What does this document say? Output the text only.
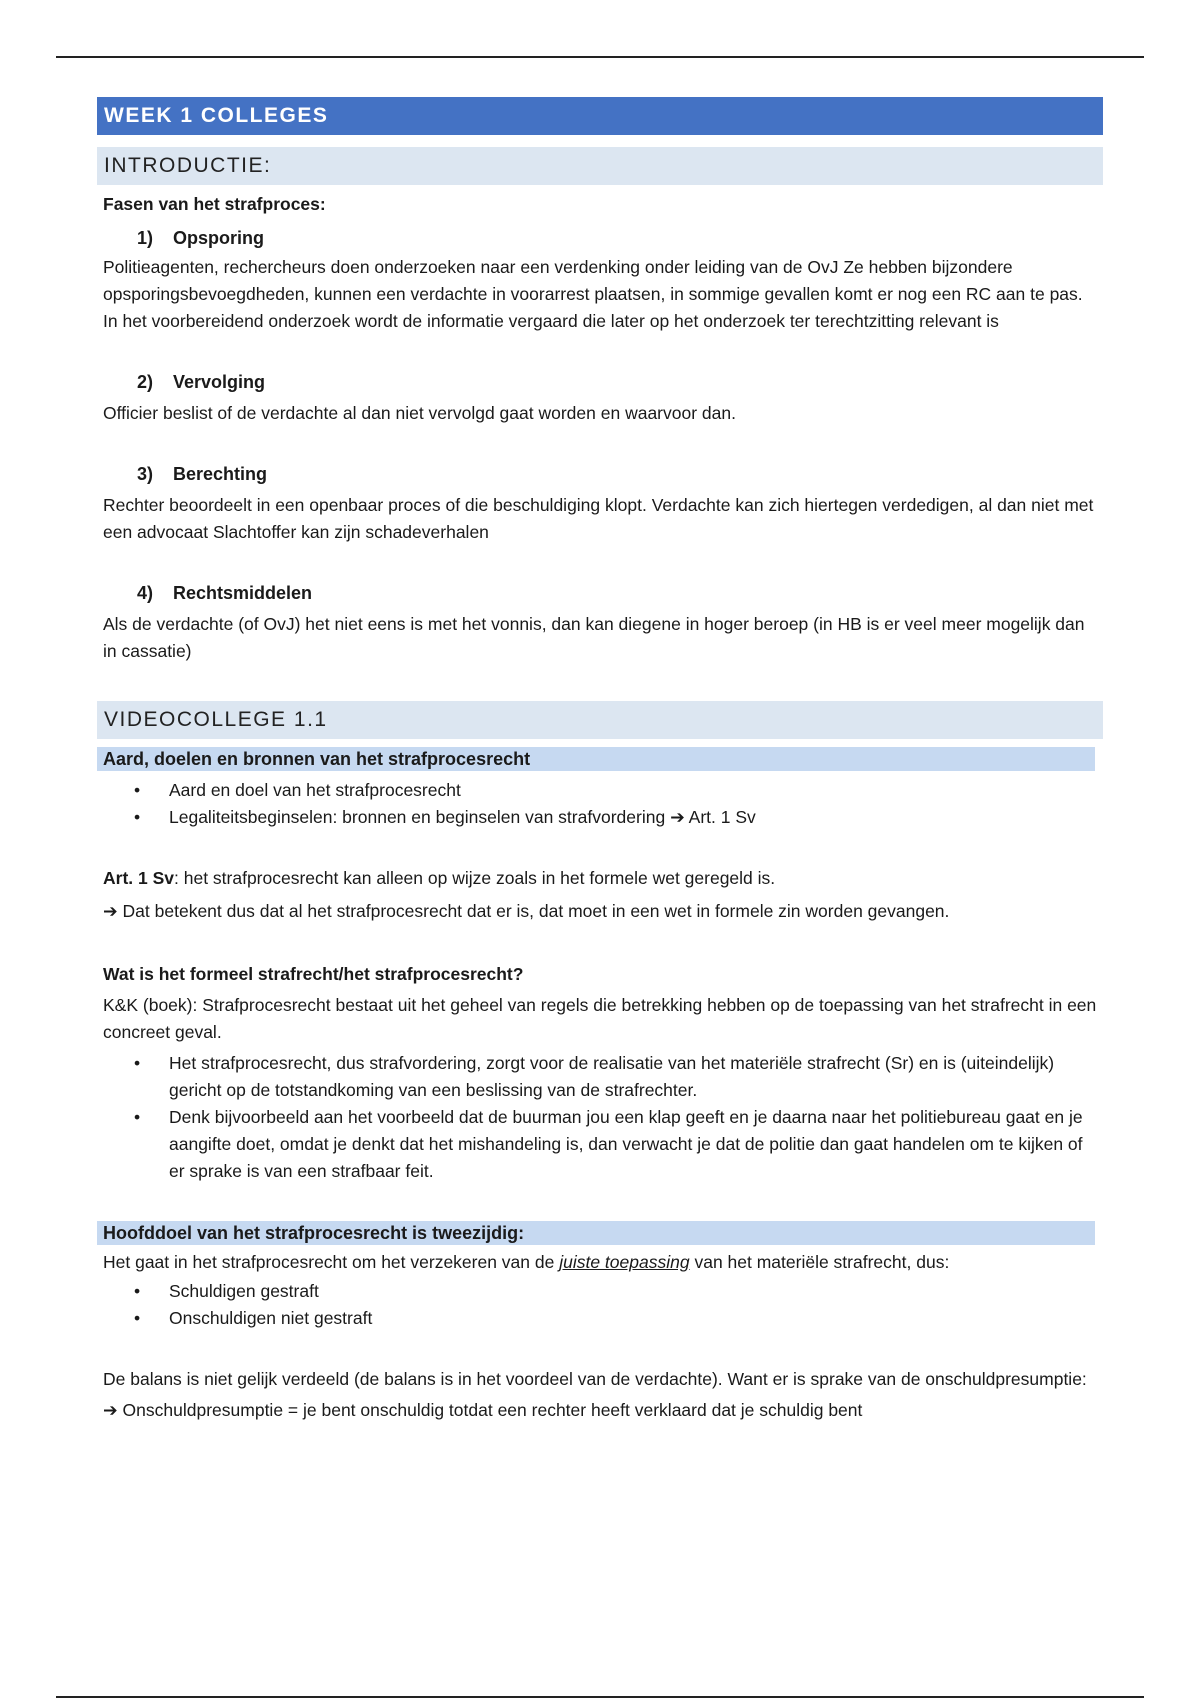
WEEK 1 COLLEGES
INTRODUCTIE:
Fasen van het strafproces:
1) Opsporing
Politieagenten, rechercheurs doen onderzoeken naar een verdenking onder leiding van de OvJ Ze hebben bijzondere opsporingsbevoegdheden, kunnen een verdachte in voorarrest plaatsen, in sommige gevallen komt er nog een RC aan te pas. In het voorbereidend onderzoek wordt de informatie vergaard die later op het onderzoek ter terechtzitting relevant is
2) Vervolging
Officier beslist of de verdachte al dan niet vervolgd gaat worden en waarvoor dan.
3) Berechting
Rechter beoordeelt in een openbaar proces of die beschuldiging klopt. Verdachte kan zich hiertegen verdedigen, al dan niet met een advocaat Slachtoffer kan zijn schadeverhalen
4) Rechtsmiddelen
Als de verdachte (of OvJ) het niet eens is met het vonnis, dan kan diegene in hoger beroep (in HB is er veel meer mogelijk dan in cassatie)
VIDEOCOLLEGE 1.1
Aard, doelen en bronnen van het strafprocesrecht
• Aard en doel van het strafprocesrecht
• Legaliteitsbeginselen: bronnen en beginselen van strafvordering ➔ Art. 1 Sv
Art. 1 Sv: het strafprocesrecht kan alleen op wijze zoals in het formele wet geregeld is.
➔ Dat betekent dus dat al het strafprocesrecht dat er is, dat moet in een wet in formele zin worden gevangen.
Wat is het formeel strafrecht/het strafprocesrecht?
K&K (boek): Strafprocesrecht bestaat uit het geheel van regels die betrekking hebben op de toepassing van het strafrecht in een concreet geval.
• Het strafprocesrecht, dus strafvordering, zorgt voor de realisatie van het materiële strafrecht (Sr) en is (uiteindelijk) gericht op de totstandkoming van een beslissing van de strafrechter.
• Denk bijvoorbeeld aan het voorbeeld dat de buurman jou een klap geeft en je daarna naar het politiebureau gaat en je aangifte doet, omdat je denkt dat het mishandeling is, dan verwacht je dat de politie dan gaat handelen om te kijken of er sprake is van een strafbaar feit.
Hoofddoel van het strafprocesrecht is tweezijdig:
Het gaat in het strafprocesrecht om het verzekeren van de juiste toepassing van het materiële strafrecht, dus:
• Schuldigen gestraft
• Onschuldigen niet gestraft
De balans is niet gelijk verdeeld (de balans is in het voordeel van de verdachte). Want er is sprake van de onschuldpresumptie:
➔ Onschuldpresumptie = je bent onschuldig totdat een rechter heeft verklaard dat je schuldig bent
